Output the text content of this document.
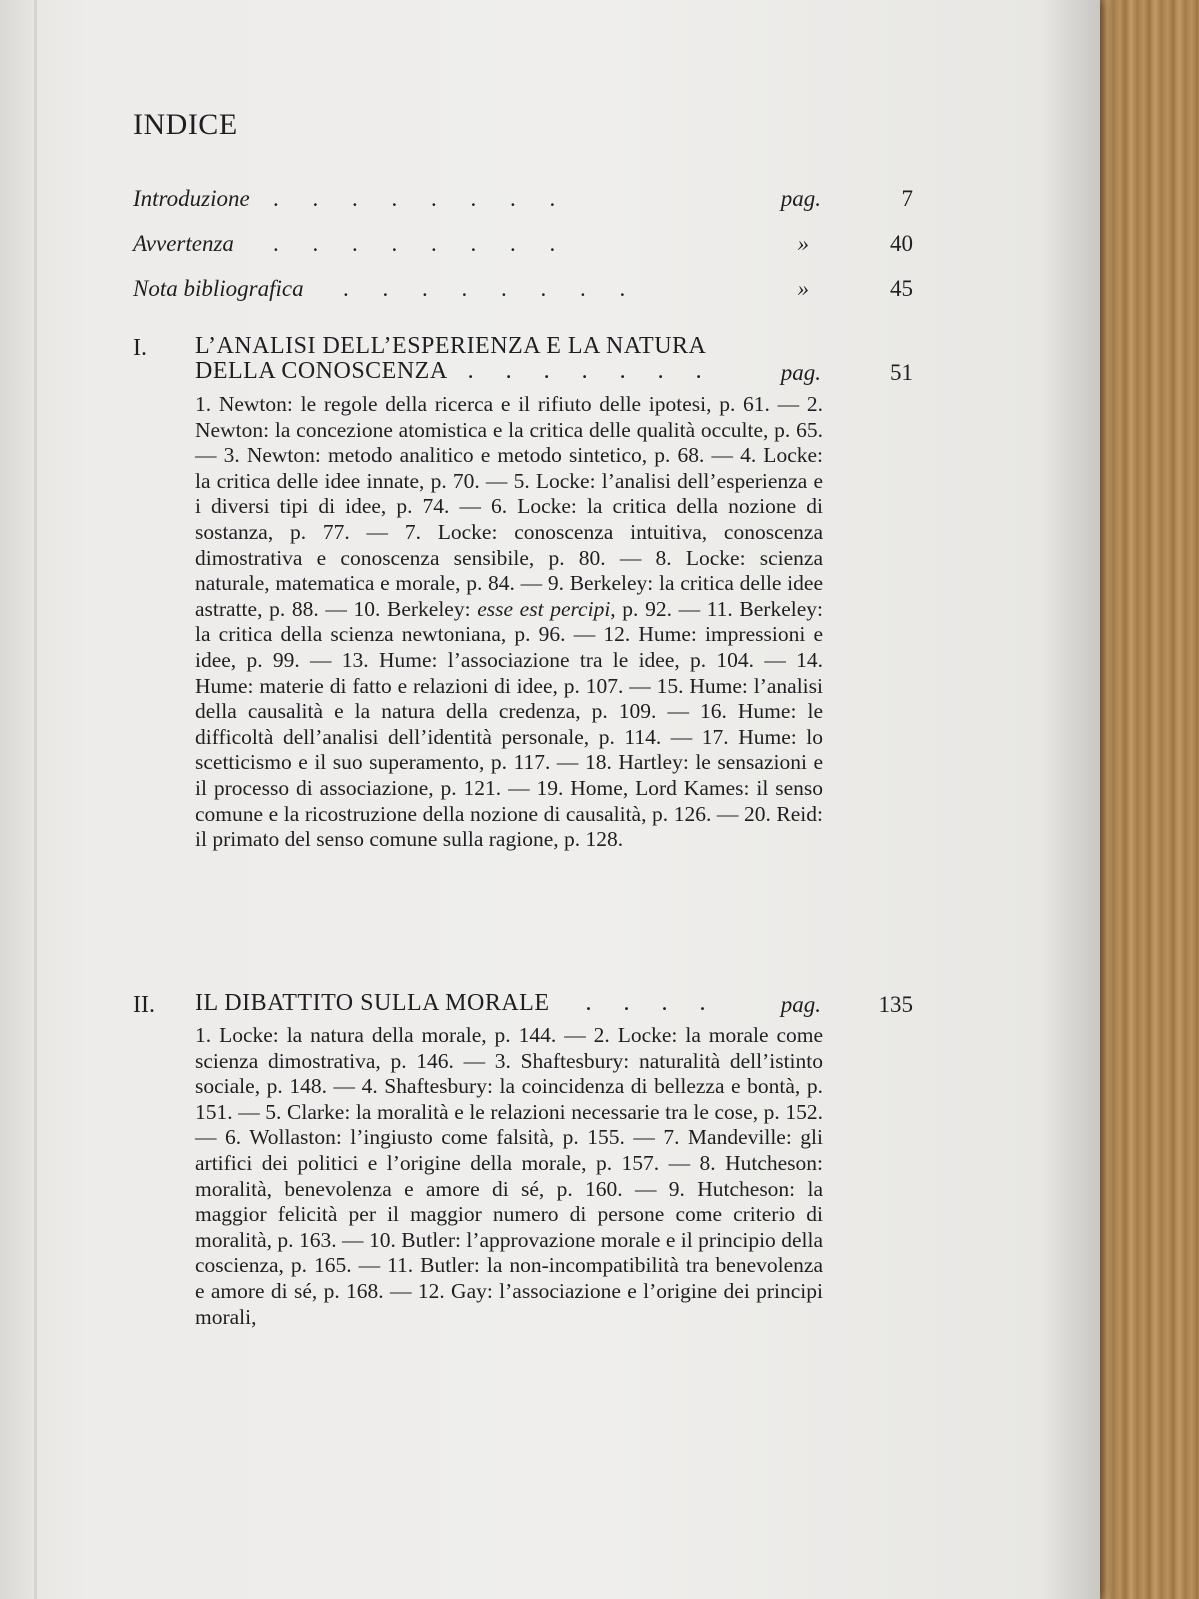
INDICE
Introduzione . . . . . . . .	pag.	7
Avvertenza . . . . . . . .	»	40
Nota bibliografica . . . . . . . .	»	45
I. L’ANALISI DELL’ESPERIENZA E LA NATURA
DELLA CONOSCENZA . . . . . . .	pag.	51
1. Newton: le regole della ricerca e il rifiuto delle ipotesi, p. 61. — 2. Newton: la concezione atomistica e la critica delle qualità occulte, p. 65. — 3. Newton: metodo analitico e metodo sintetico, p. 68. — 4. Locke: la critica delle idee innate, p. 70. — 5. Locke: l’analisi dell’esperienza e i diversi tipi di idee, p. 74. — 6. Locke: la critica della nozione di sostanza, p. 77. — 7. Locke: conoscenza intuitiva, conoscenza dimostrativa e conoscenza sensibile, p. 80. — 8. Locke: scienza naturale, matematica e morale, p. 84. — 9. Berkeley: la critica delle idee astratte, p. 88. — 10. Berkeley: esse est percipi, p. 92. — 11. Berkeley: la critica della scienza newtoniana, p. 96. — 12. Hume: impressioni e idee, p. 99. — 13. Hume: l’associazione tra le idee, p. 104. — 14. Hume: materie di fatto e relazioni di idee, p. 107. — 15. Hume: l’analisi della causalità e la natura della credenza, p. 109. — 16. Hume: le difficoltà dell’analisi dell’identità personale, p. 114. — 17. Hume: lo scetticismo e il suo superamento, p. 117. — 18. Hartley: le sensazioni e il processo di associazione, p. 121. — 19. Home, Lord Kames: il senso comune e la ricostruzione della nozione di causalità, p. 126. — 20. Reid: il primato del senso comune sulla ragione, p. 128.
II. IL DIBATTITO SULLA MORALE . . . .	pag.	135
1. Locke: la natura della morale, p. 144. — 2. Locke: la morale come scienza dimostrativa, p. 146. — 3. Shaftesbury: naturalità dell’istinto sociale, p. 148. — 4. Shaftesbury: la coincidenza di bellezza e bontà, p. 151. — 5. Clarke: la moralità e le relazioni necessarie tra le cose, p. 152. — 6. Wollaston: l’ingiusto come falsità, p. 155. — 7. Mandeville: gli artifici dei politici e l’origine della morale, p. 157. — 8. Hutcheson: moralità, benevolenza e amore di sé, p. 160. — 9. Hutcheson: la maggior felicità per il maggior numero di persone come criterio di moralità, p. 163. — 10. Butler: l’approvazione morale e il principio della coscienza, p. 165. — 11. Butler: la non-incompatibilità tra benevolenza e amore di sé, p. 168. — 12. Gay: l’associazione e l’origine dei principi morali,
